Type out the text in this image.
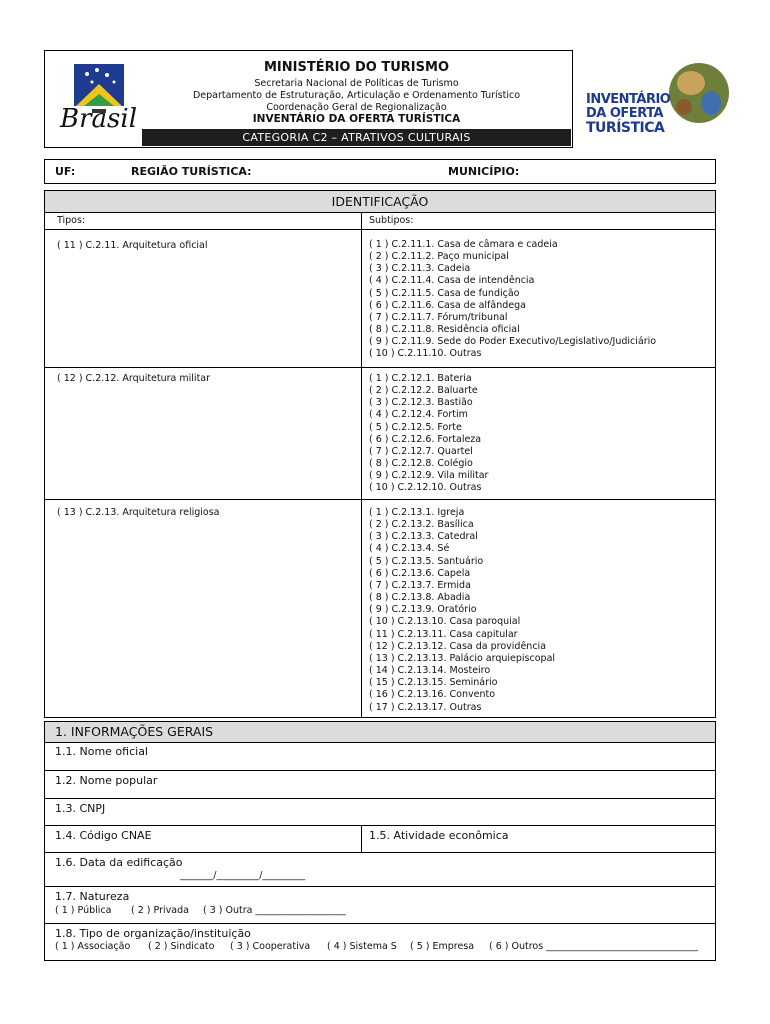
Brasil
MINISTÉRIO DO TURISMO
Secretaria Nacional de Políticas de Turismo
Departamento de Estruturação, Articulação e Ordenamento Turístico
Coordenação Geral de Regionalização
INVENTÁRIO DA OFERTA TURÍSTICA
CATEGORIA C2 – ATRATIVOS CULTURAIS
INVENTÁRIO
DA OFERTA
TURÍSTICA
UF:	REGIÃO TURÍSTICA:	MUNICÍPIO:
IDENTIFICAÇÃO
Tipos:	Subtipos:
( 11 ) C.2.11. Arquitetura oficial	( 1 ) C.2.11.1. Casa de câmara e cadeia
( 2 ) C.2.11.2. Paço municipal
( 3 ) C.2.11.3. Cadeia
( 4 ) C.2.11.4. Casa de intendência
( 5 ) C.2.11.5. Casa de fundição
( 6 ) C.2.11.6. Casa de alfândega
( 7 ) C.2.11.7. Fórum/tribunal
( 8 ) C.2.11.8. Residência oficial
( 9 ) C.2.11.9. Sede do Poder Executivo/Legislativo/Judiciário
( 10 ) C.2.11.10. Outras
( 12 ) C.2.12. Arquitetura militar	( 1 ) C.2.12.1. Bateria
( 2 ) C.2.12.2. Baluarte
( 3 ) C.2.12.3. Bastião
( 4 ) C.2.12.4. Fortim
( 5 ) C.2.12.5. Forte
( 6 ) C.2.12.6. Fortaleza
( 7 ) C.2.12.7. Quartel
( 8 ) C.2.12.8. Colégio
( 9 ) C.2.12.9. Vila militar
( 10 ) C.2.12.10. Outras
( 13 ) C.2.13. Arquitetura religiosa	( 1 ) C.2.13.1. Igreja
( 2 ) C.2.13.2. Basílica
( 3 ) C.2.13.3. Catedral
( 4 ) C.2.13.4. Sé
( 5 ) C.2.13.5. Santuário
( 6 ) C.2.13.6. Capela
( 7 ) C.2.13.7. Ermida
( 8 ) C.2.13.8. Abadia
( 9 ) C.2.13.9. Oratório
( 10 ) C.2.13.10. Casa paroquial
( 11 ) C.2.13.11. Casa capitular
( 12 ) C.2.13.12. Casa da providência
( 13 ) C.2.13.13. Palácio arquiepiscopal
( 14 ) C.2.13.14. Mosteiro
( 15 ) C.2.13.15. Seminário
( 16 ) C.2.13.16. Convento
( 17 ) C.2.13.17. Outras
1. INFORMAÇÕES GERAIS
1.1. Nome oficial
1.2. Nome popular
1.3. CNPJ
1.4. Código CNAE	1.5. Atividade econômica
1.6. Data da edificação
_______/_________/_________
1.7. Natureza
( 1 ) Pública ( 2 ) Privada ( 3 ) Outra ___________________
1.8. Tipo de organização/instituição
( 1 ) Associação ( 2 ) Sindicato ( 3 ) Cooperativa ( 4 ) Sistema S ( 5 ) Empresa ( 6 ) Outros ________________________________
